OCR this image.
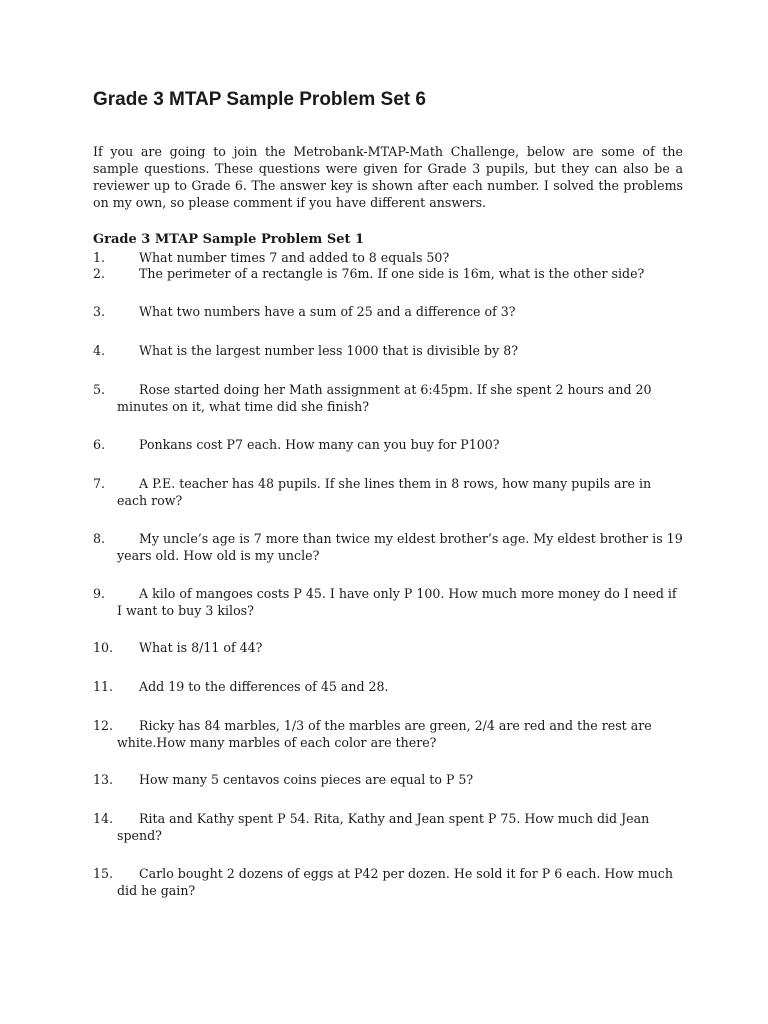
Grade 3 MTAP Sample Problem Set 6

If you are going to join the Metrobank-MTAP-Math Challenge, below are some of the sample questions. These questions were given for Grade 3 pupils, but they can also be a reviewer up to Grade 6. The answer key is shown after each number. I solved the problems on my own, so please comment if you have different answers.

Grade 3 MTAP Sample Problem Set 1
1.	What number times 7 and added to 8 equals 50?
2.	The perimeter of a rectangle is 76m. If one side is 16m, what is the other side?
3.	What two numbers have a sum of 25 and a difference of 3?
4.	What is the largest number less 1000 that is divisible by 8?
5.	Rose started doing her Math assignment at 6:45pm. If she spent 2 hours and 20 minutes on it, what time did she finish?
6.	Ponkans cost P7 each. How many can you buy for P100?
7.	A P.E. teacher has 48 pupils. If she lines them in 8 rows, how many pupils are in each row?
8.	My uncle’s age is 7 more than twice my eldest brother’s age. My eldest brother is 19 years old. How old is my uncle?
9.	A kilo of mangoes costs P 45. I have only P 100. How much more money do I need if I want to buy 3 kilos?
10.	What is 8/11 of 44?
11.	Add 19 to the differences of 45 and 28.
12.	Ricky has 84 marbles, 1/3 of the marbles are green, 2/4 are red and the rest are white.How many marbles of each color are there?
13.	How many 5 centavos coins pieces are equal to P 5?
14.	Rita and Kathy spent P 54. Rita, Kathy and Jean spent P 75. How much did Jean spend?
15.	Carlo bought 2 dozens of eggs at P42 per dozen. He sold it for P 6 each. How much did he gain?
